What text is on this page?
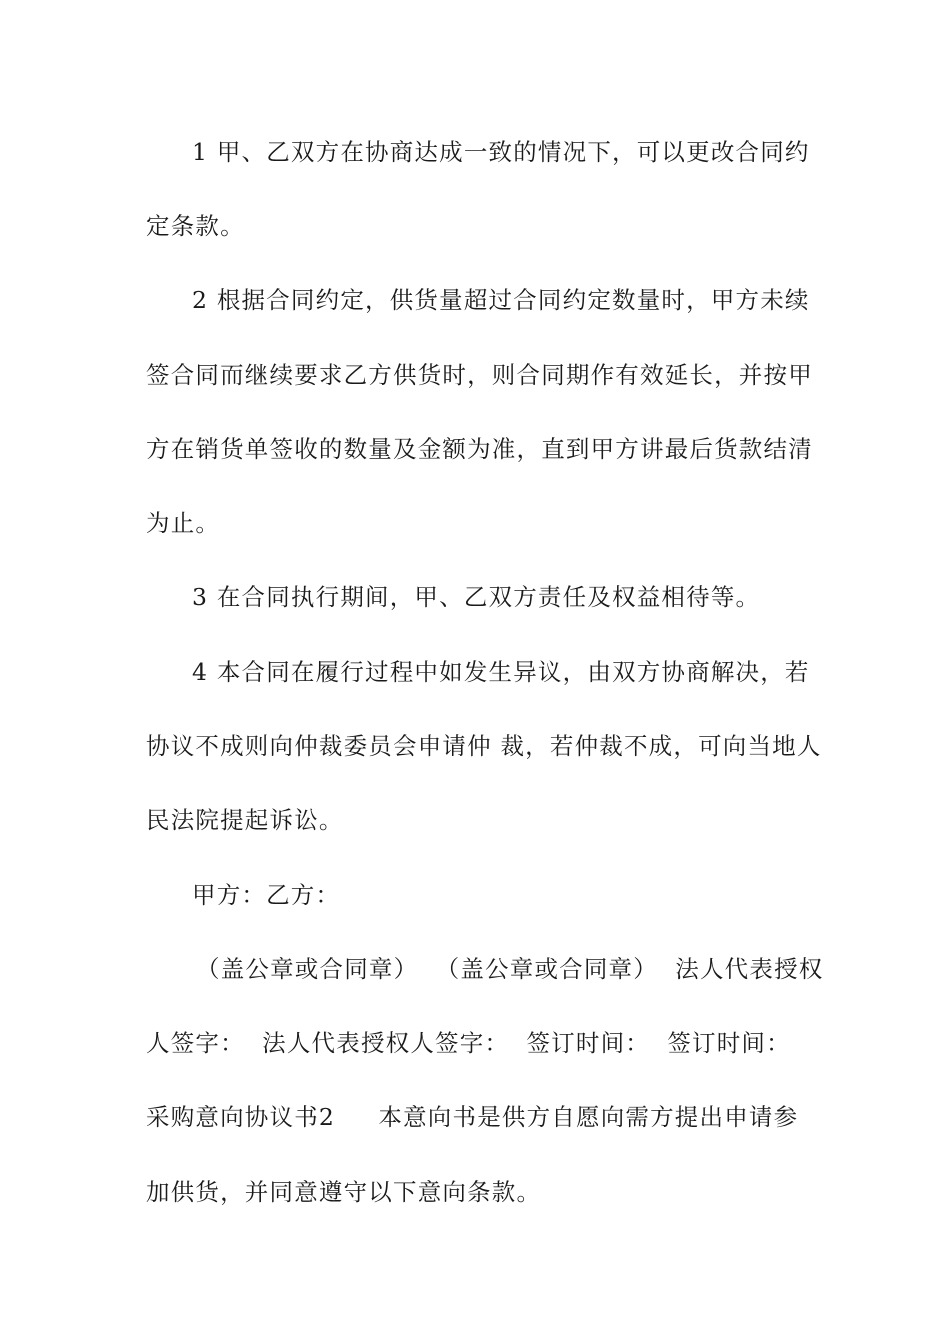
1 甲、乙双方在协商达成一致的情况下，可以更改合同约
定条款。
2 根据合同约定，供货量超过合同约定数量时，甲方未续
签合同而继续要求乙方供货时，则合同期作有效延长，并按甲
方在销货单签收的数量及金额为准，直到甲方讲最后货款结清
为止。
3 在合同执行期间，甲、乙双方责任及权益相待等。
4 本合同在履行过程中如发生异议，由双方协商解决，若
协议不成则向仲裁委员会申请仲 裁，若仲裁不成，可向当地人
民法院提起诉讼。
甲方：乙方：
（盖公章或合同章）  （盖公章或合同章）  法人代表授权
人签字：  法人代表授权人签字：  签订时间：  签订时间：
采购意向协议书2     本意向书是供方自愿向需方提出申请参
加供货，并同意遵守以下意向条款。
